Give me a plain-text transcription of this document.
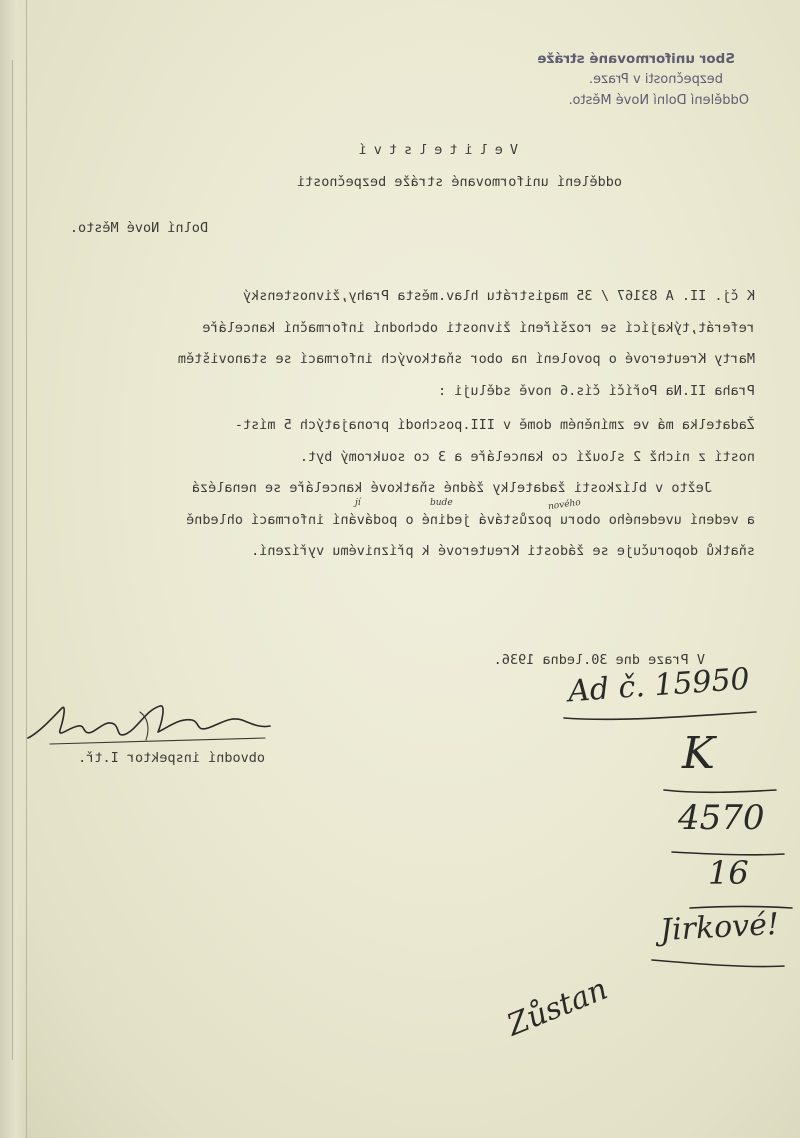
Sbor uniformované stráže

bezpečnosti v Praze.

Oddělení Dolní Nové Město.

Velitelství

oddělení uniformované stráže bezpečnosti

Dolní Nové Město.

K čj. II. A 83167 / 35 magistrátu hlav.města Prahy,živnostenský

referát,týkající se rozšíření živnosti obchodní informační kanceláře

Marty Kreuterové o povolení na obor sňatkových informací se stanovištěm

Praha II.Na Poříčí čís.6 nově sděluji :

Žadatelka má ve zmíněném domě v III.poschodí pronajatých 5 míst-

ností z nichž 2 slouží co kanceláře a 3 co soukromý byt.

Ježto v blízkosti žadatelky žádné sňatkové kanceláře se nenalézá

a vedení uvedeného oboru pozůstává jediné o podávání informací ohledně

sňatků doporučuje se žádosti Kreuterové k příznivému vyřízení.

nového

bude

jí

V Praze dne 30.ledna 1936.

obvodní inspektor I.tř.

Ad č. 15950

K

4570

16

Jirkové!

Zůstan
